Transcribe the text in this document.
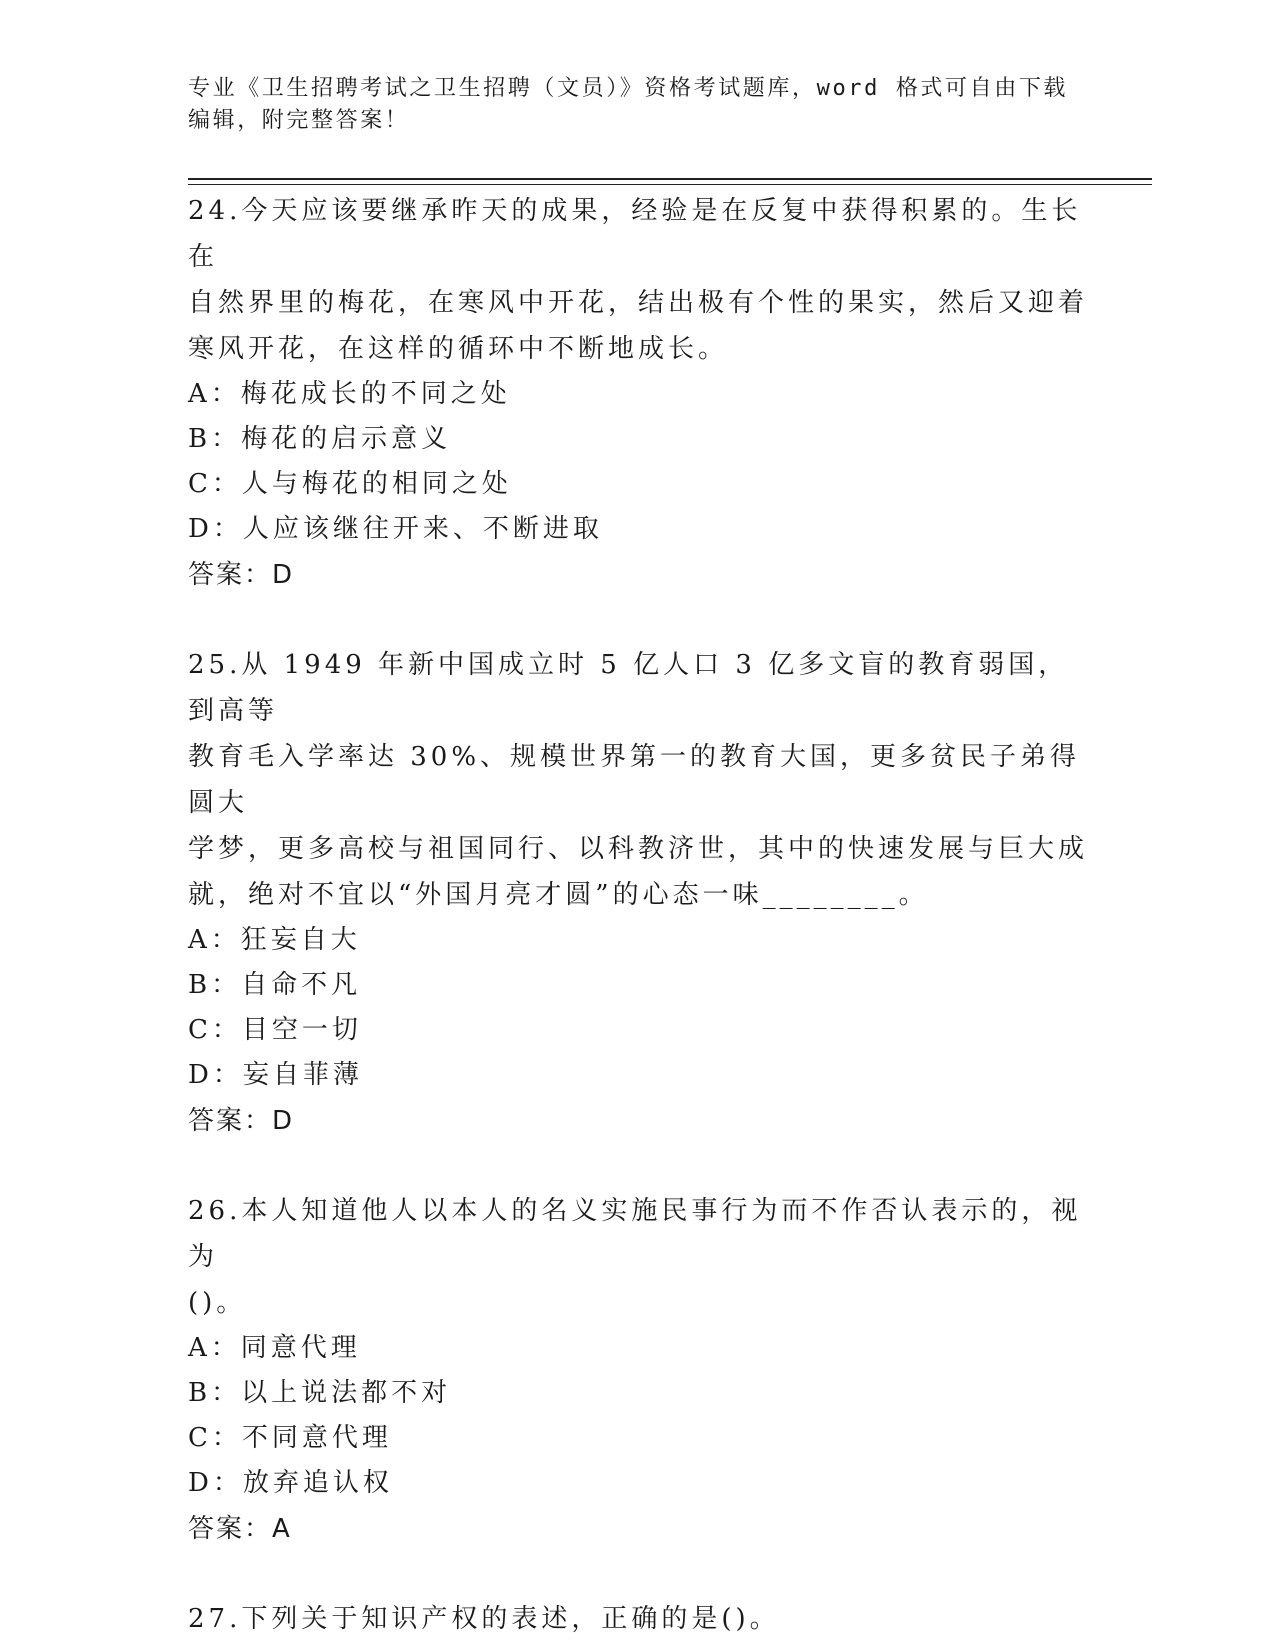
专业《卫生招聘考试之卫生招聘（文员）》资格考试题库，word 格式可自由下载
编辑，附完整答案！

24.今天应该要继承昨天的成果，经验是在反复中获得积累的。生长在

自然界里的梅花，在寒风中开花，结出极有个性的果实，然后又迎着

寒风开花，在这样的循环中不断地成长。

A：梅花成长的不同之处

B：梅花的启示意义

C：人与梅花的相同之处

D：人应该继往开来、不断进取

答案：D

25.从 1949 年新中国成立时 5 亿人口 3 亿多文盲的教育弱国，到高等

教育毛入学率达 30%、规模世界第一的教育大国，更多贫民子弟得圆大

学梦，更多高校与祖国同行、以科教济世，其中的快速发展与巨大成

就，绝对不宜以“外国月亮才圆”的心态一味________。

A：狂妄自大

B：自命不凡

C：目空一切

D：妄自菲薄

答案：D

26.本人知道他人以本人的名义实施民事行为而不作否认表示的，视为

()。

A：同意代理

B：以上说法都不对

C：不同意代理

D：放弃追认权

答案：A

27.下列关于知识产权的表述，正确的是()。
